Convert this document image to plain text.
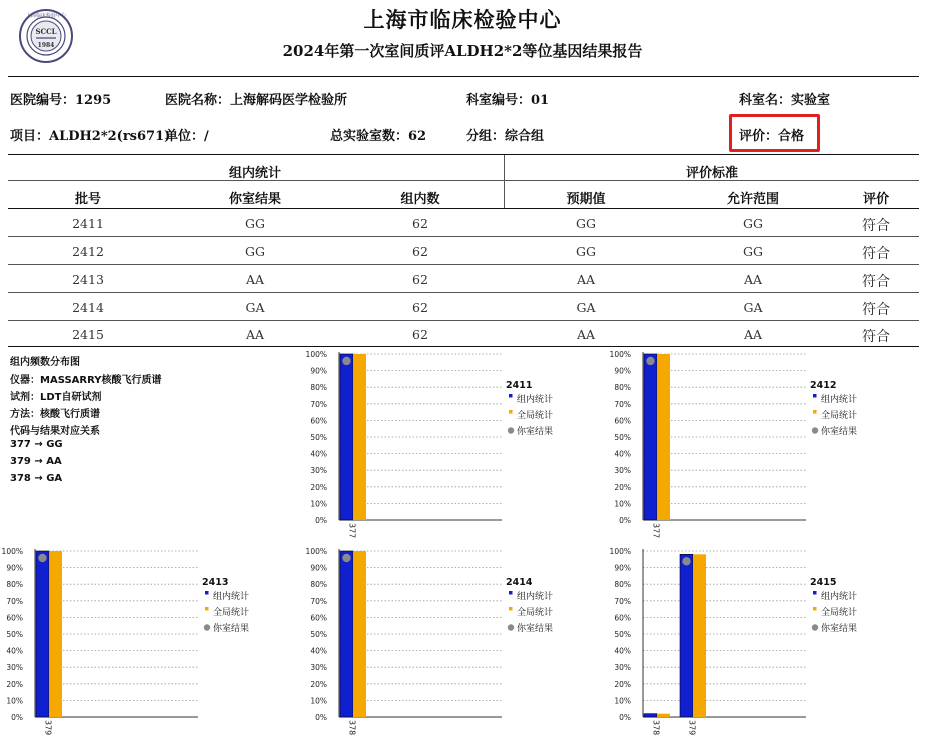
上海临床检验中心
SCCL
1984
上海市临床检验中心
2024年第一次室间质评ALDH2*2等位基因结果报告
医院编号：1295	医院名称：上海解码医学检验所	科室编号：01	科室名：实验室
项目：ALDH2*2(rs671)
单位：/	总实验室数：62	分组：综合组	评价：合格
组内统计	评价标准
批号	你室结果	组内数	预期值	允许范围	评价
2411	GG	62	GG	GG	符合
2412	GG	62	GG	GG	符合
2413	AA	62	AA	AA	符合
2414	GA	62	GA	GA	符合
2415	AA	62	AA	AA	符合
组内频数分布图
仪器：MASSARRY核酸飞行质谱
试剂：LDT自研试剂
方法：核酸飞行质谱
代码与结果对应关系
377 → GG
379 → AA
378 → GA
0%
10%
20%
30%
40%
50%
60%
70%
80%
90%
100%
377
2411
组内统计
全局统计
你室结果
0%
10%
20%
30%
40%
50%
60%
70%
80%
90%
100%
377
2412
组内统计
全局统计
你室结果
0%
10%
20%
30%
40%
50%
60%
70%
80%
90%
100%
379
2413
组内统计
全局统计
你室结果
0%
10%
20%
30%
40%
50%
60%
70%
80%
90%
100%
378
2414
组内统计
全局统计
你室结果
0%
10%
20%
30%
40%
50%
60%
70%
80%
90%
100%
378	379
2415
组内统计
全局统计
你室结果
